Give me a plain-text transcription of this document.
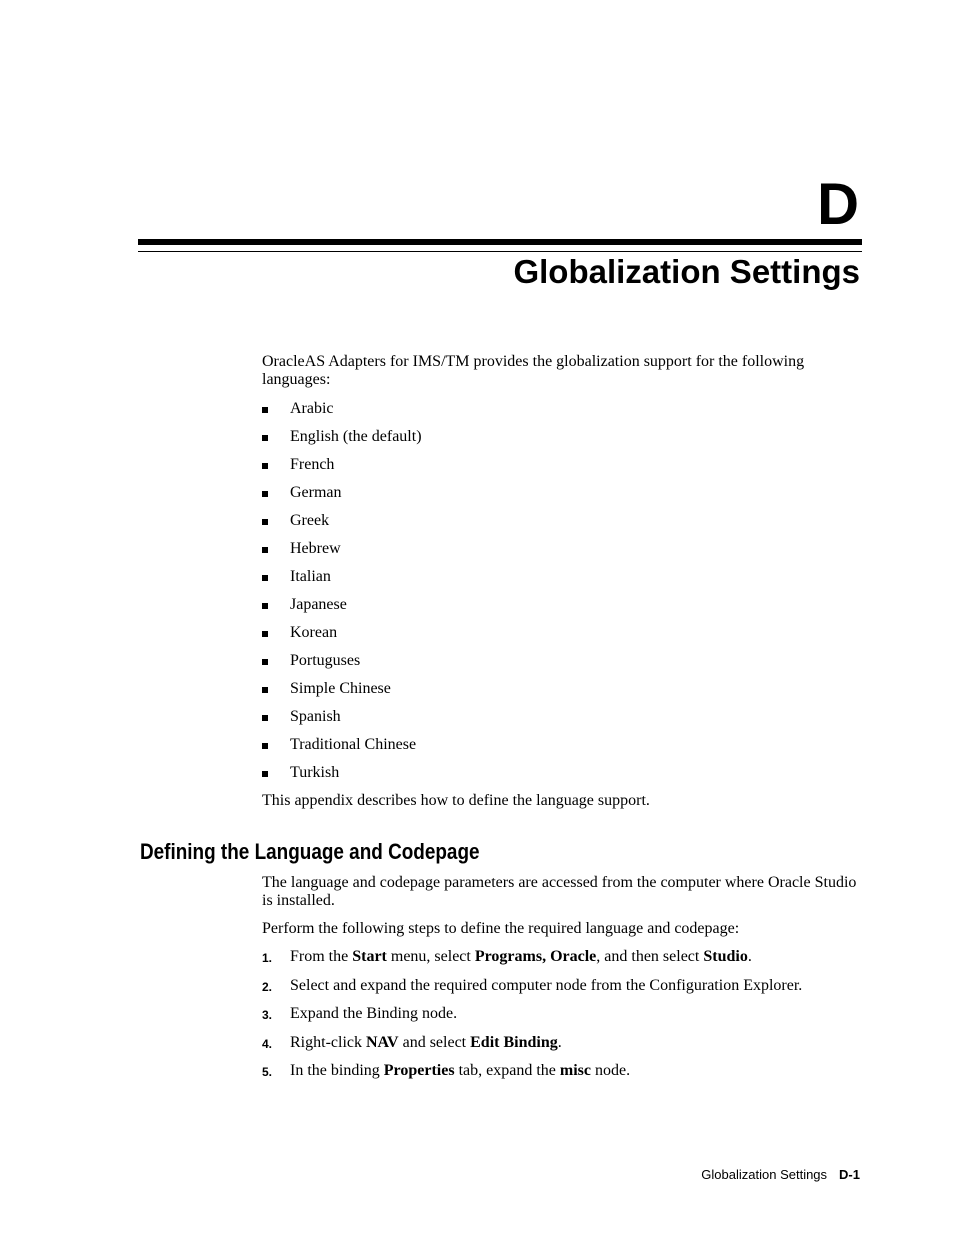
D
Globalization Settings

OracleAS Adapters for IMS/TM provides the globalization support for the following languages:

Arabic
English (the default)
French
German
Greek
Hebrew
Italian
Japanese
Korean
Portuguses
Simple Chinese
Spanish
Traditional Chinese
Turkish

This appendix describes how to define the language support.

Defining the Language and Codepage

The language and codepage parameters are accessed from the computer where Oracle Studio is installed.

Perform the following steps to define the required language and codepage:

1. From the Start menu, select Programs, Oracle, and then select Studio.
2. Select and expand the required computer node from the Configuration Explorer.
3. Expand the Binding node.
4. Right-click NAV and select Edit Binding.
5. In the binding Properties tab, expand the misc node.
Globalization Settings D-1
